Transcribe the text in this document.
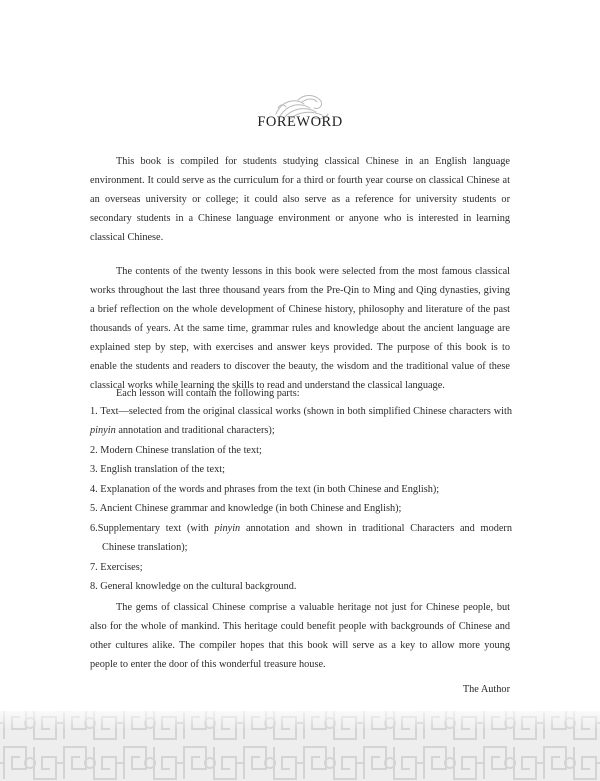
FOREWORD

This book is compiled for students studying classical Chinese in an English language environment. It could serve as the curriculum for a third or fourth year course on classical Chinese at an overseas university or college; it could also serve as a reference for university students or secondary students in a Chinese language environment or anyone who is interested in learning classical Chinese.

The contents of the twenty lessons in this book were selected from the most famous classical works throughout the last three thousand years from the Pre-Qin to Ming and Qing dynasties, giving a brief reflection on the whole development of Chinese history, philosophy and literature of the past thousands of years. At the same time, grammar rules and knowledge about the ancient language are explained step by step, with exercises and answer keys provided. The purpose of this book is to enable the students and readers to discover the beauty, the wisdom and the traditional value of these classical works while learning the skills to read and understand the classical language.

Each lesson will contain the following parts:

1. Text—selected from the original classical works (shown in both simplified Chinese characters with pinyin annotation and traditional characters);
2. Modern Chinese translation of the text;
3. English translation of the text;
4. Explanation of the words and phrases from the text (in both Chinese and English);
5. Ancient Chinese grammar and knowledge (in both Chinese and English);
6.Supplementary text (with pinyin annotation and shown in traditional Characters and modern Chinese translation);
7. Exercises;
8. General knowledge on the cultural background.

The gems of classical Chinese comprise a valuable heritage not just for Chinese people, but also for the whole of mankind. This heritage could benefit people with backgrounds of Chinese and other cultures alike. The compiler hopes that this book will serve as a key to allow more young people to enter the door of this wonderful treasure house.

The Author
